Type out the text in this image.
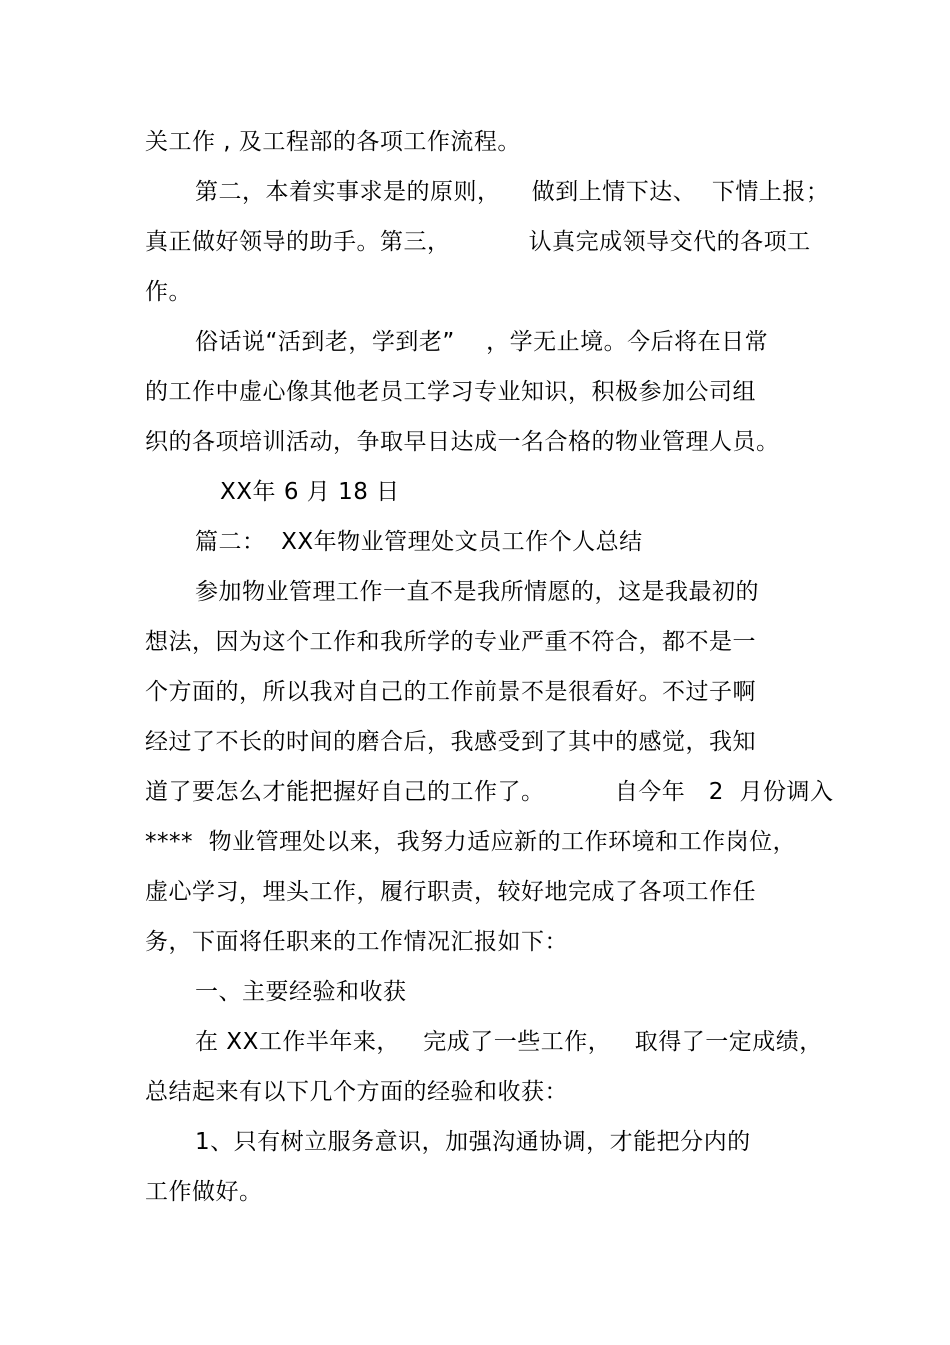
关工作 , 及工程部的各项工作流程。

第二，本着实事求是的原则，    做到上情下达、  下情上报；

真正做好领导的助手。第三，          认真完成领导交代的各项工

作。

俗话说“活到老，学到老”    ，学无止境。今后将在日常

的工作中虚心像其他老员工学习专业知识，积极参加公司组

织的各项培训活动，争取早日达成一名合格的物业管理人员。

XX年 6 月 18 日

篇二：  XX年物业管理处文员工作个人总结

参加物业管理工作一直不是我所情愿的，这是我最初的

想法，因为这个工作和我所学的专业严重不符合，都不是一

个方面的，所以我对自己的工作前景不是很看好。不过子啊

经过了不长的时间的磨合后，我感受到了其中的感觉，我知

道了要怎么才能把握好自己的工作了。         自今年   2  月份调入

****  物业管理处以来，我努力适应新的工作环境和工作岗位，

虚心学习，埋头工作，履行职责，较好地完成了各项工作任

务，下面将任职来的工作情况汇报如下：

一、主要经验和收获

在 XX工作半年来，   完成了一些工作，   取得了一定成绩，

总结起来有以下几个方面的经验和收获：

1、只有树立服务意识，加强沟通协调，才能把分内的

工作做好。
